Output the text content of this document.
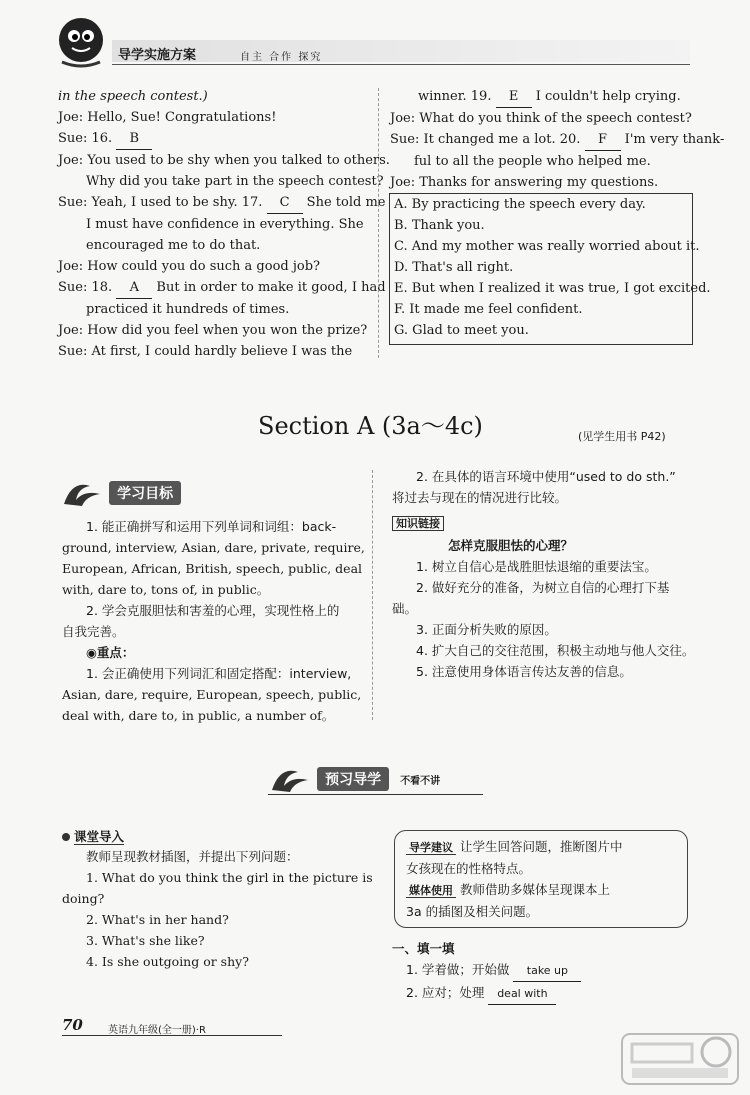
导学实施方案	自主 合作 探究
in the speech contest.)
Joe: Hello, Sue! Congratulations!
Sue: 16. B
Joe: You used to be shy when you talked to others.
Why did you take part in the speech contest?
Sue: Yeah, I used to be shy. 17. C She told me
I must have confidence in everything. She
encouraged me to do that.
Joe: How could you do such a good job?
Sue: 18. A But in order to make it good, I had
practiced it hundreds of times.
Joe: How did you feel when you won the prize?
Sue: At first, I could hardly believe I was the
winner. 19. E I couldn't help crying.
Joe: What do you think of the speech contest?
Sue: It changed me a lot. 20. F I'm very thank-
ful to all the people who helped me.
Joe: Thanks for answering my questions.
A. By practicing the speech every day.
B. Thank you.
C. And my mother was really worried about it.
D. That's all right.
E. But when I realized it was true, I got excited.
F. It made me feel confident.
G. Glad to meet you.
Section A (3a～4c)	(见学生用书 P42)
学习目标
1. 能正确拼写和运用下列单词和词组：back-
ground, interview, Asian, dare, private, require,
European, African, British, speech, public, deal
with, dare to, tons of, in public。
2. 学会克服胆怯和害羞的心理，实现性格上的
自我完善。
◉重点：
1. 会正确使用下列词汇和固定搭配：interview,
Asian, dare, require, European, speech, public,
deal with, dare to, in public, a number of。
2. 在具体的语言环境中使用“used to do sth.”
将过去与现在的情况进行比较。
知识链接
怎样克服胆怯的心理？
1. 树立自信心是战胜胆怯退缩的重要法宝。
2. 做好充分的准备，为树立自信的心理打下基
础。
3. 正面分析失败的原因。
4. 扩大自己的交往范围，积极主动地与他人交往。
5. 注意使用身体语言传达友善的信息。
预习导学 不看不讲
课堂导入
教师呈现教材插图，并提出下列问题：
1. What do you think the girl in the picture is
doing?
2. What's in her hand?
3. What's she like?
4. Is she outgoing or shy?
导学建议 让学生回答问题，推断图片中
女孩现在的性格特点。
媒体使用 教师借助多媒体呈现课本上
3a 的插图及相关问题。
一、填一填
1. 学着做；开始做 take up
2. 应对；处理 deal with
70	英语九年级(全一册)·R
